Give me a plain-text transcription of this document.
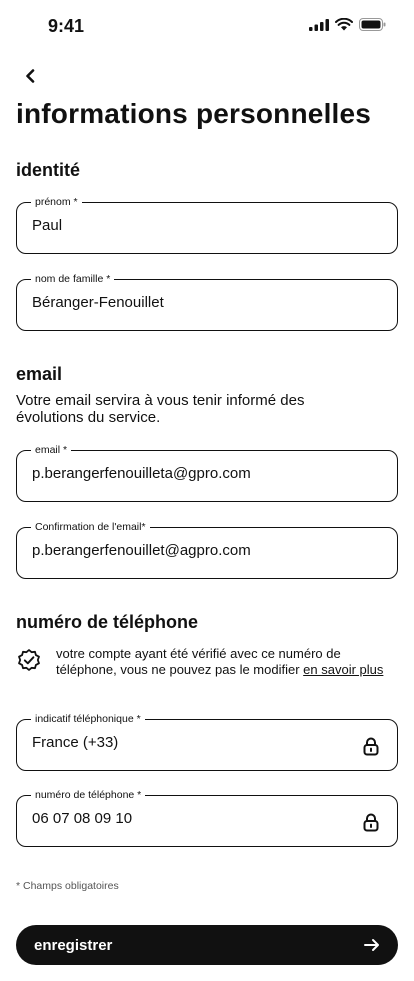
9:41
informations personnelles
identité
prénom *
Paul
nom de famille *
Béranger-Fenouillet
email

Votre email servira à vous tenir informé des évolutions du service.

email *
p.berangerfenouilleta@gpro.com
Confirmation de l'email*
p.berangerfenouillet@agpro.com
numéro de téléphone
votre compte ayant été vérifié avec ce numéro de téléphone, vous ne pouvez pas le modifier en savoir plus
indicatif téléphonique *
France (+33)
numéro de téléphone *
06 07 08 09 10
* Champs obligatoires
enregistrer
